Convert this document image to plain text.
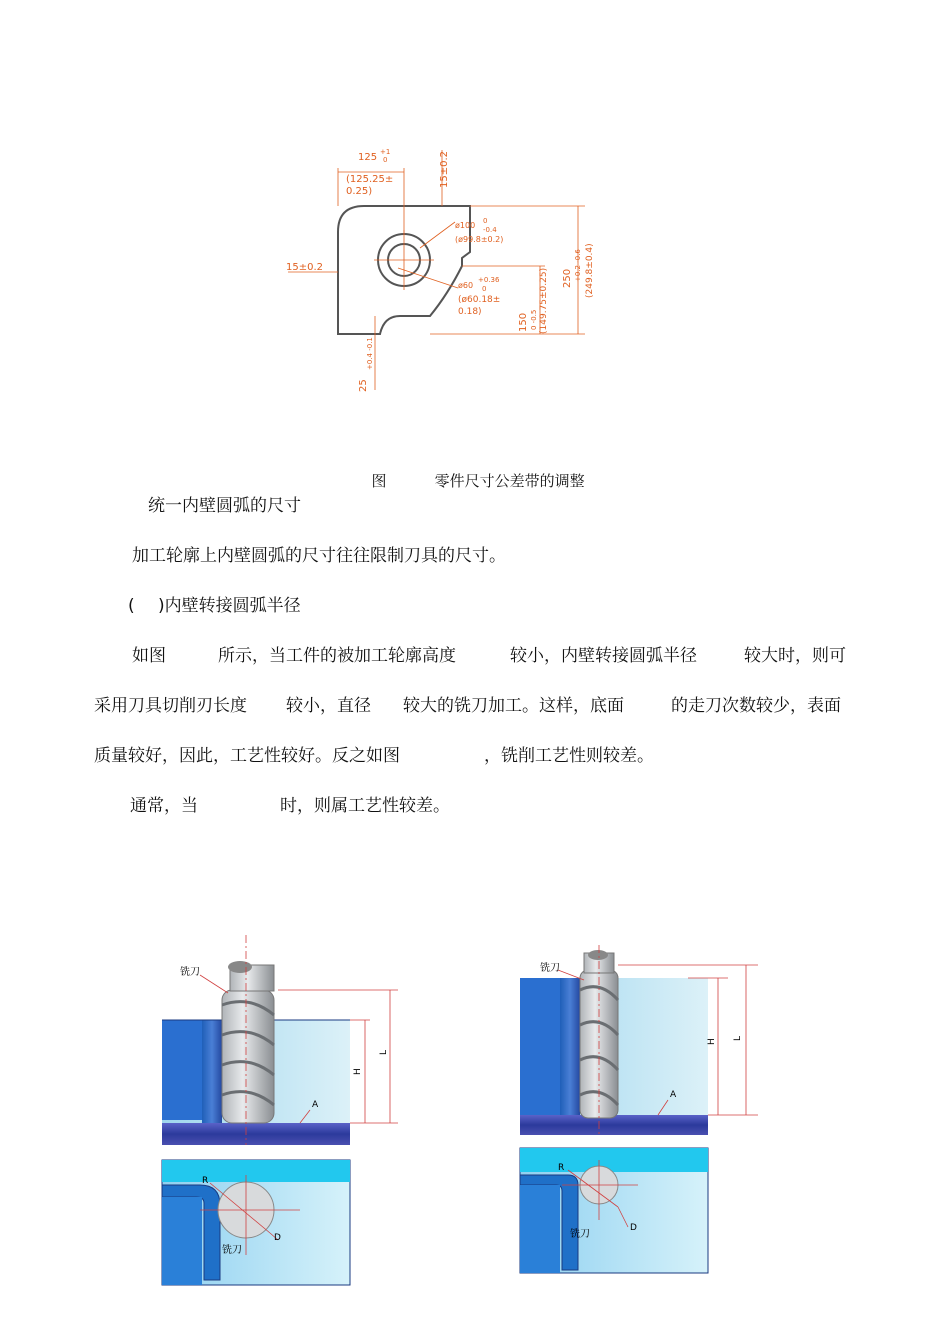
125 +1
0
(125.25±
0.25)
15±0.2
ø100 0
-0.4
(ø99.8±0.2)
15±0.2
ø60
+0.36
0
(ø60.18±
0.18)
150 0 -0.5 (149.75±0.25) 250 +0.2 -0.6 (249.8±0.4)
25
+0.4 -0.1

图	零件尺寸公差带的调整

统一内壁圆弧的尺寸
加工轮廓上内壁圆弧的尺寸往往限制刀具的尺寸。
( )内壁转接圆弧半径
如图	所示，当工件的被加工轮廓高度	较小，内壁转接圆弧半径	较大时，则可
采用刀具切削刃长度 较小，直径 较大的铣刀加工。这样，底面	的走刀次数较少，表面
质量较好，因此，工艺性较好。反之如图	，铣削工艺性则较差。
通常，当	时，则属工艺性较差。
铣刀
A
H
L
R
D
铣刀
铣刀
A
H L
R
D
铣刀
